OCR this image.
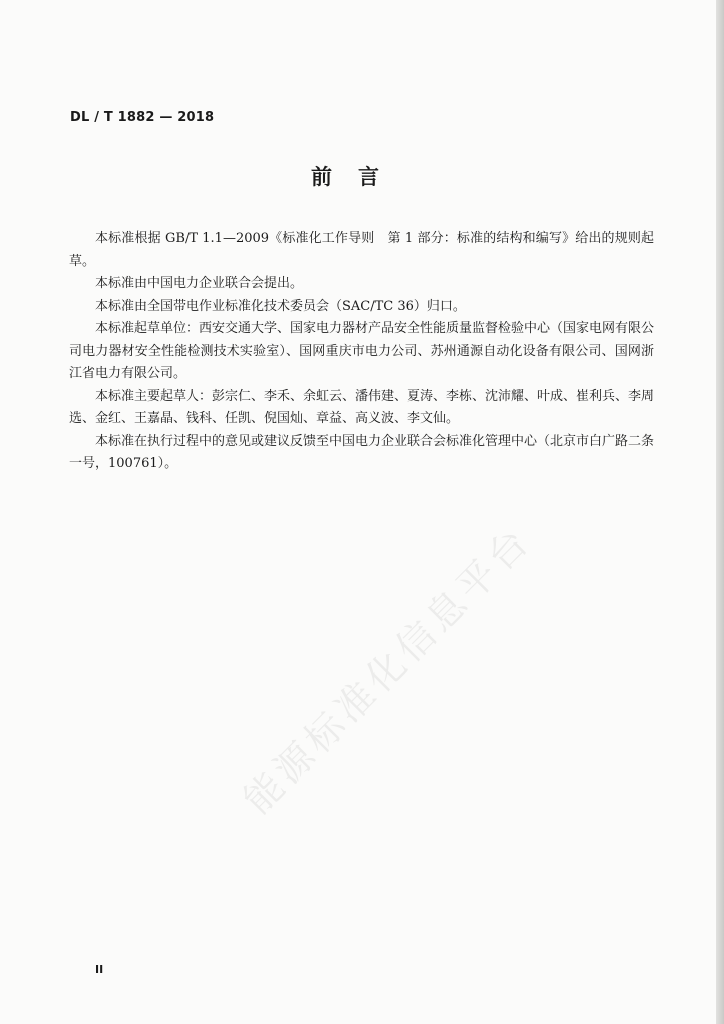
DL / T 1882 — 2018
前言

本标准根据 GB/T 1.1—2009《标准化工作导则　第 1 部分：标准的结构和编写》给出的规则起草。

本标准由中国电力企业联合会提出。

本标准由全国带电作业标准化技术委员会（SAC/TC 36）归口。

本标准起草单位：西安交通大学、国家电力器材产品安全性能质量监督检验中心（国家电网有限公司电力器材安全性能检测技术实验室）、国网重庆市电力公司、苏州通源自动化设备有限公司、国网浙江省电力有限公司。

本标准主要起草人：彭宗仁、李禾、余虹云、潘伟建、夏涛、李栋、沈沛耀、叶成、崔利兵、李周选、金红、王嘉晶、钱科、任凯、倪国灿、章益、高义波、李文仙。

本标准在执行过程中的意见或建议反馈至中国电力企业联合会标准化管理中心（北京市白广路二条一号，100761）。

能源标准化信息平台
II
